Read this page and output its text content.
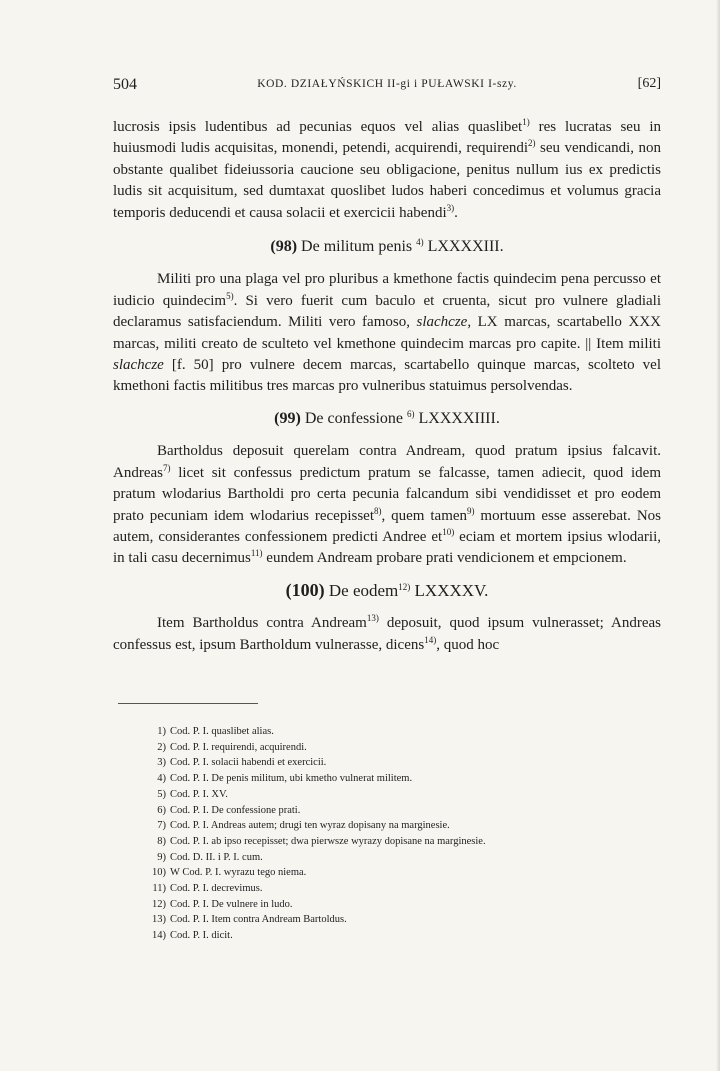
504	KOD. DZIAŁYŃSKICH II-gi i PUŁAWSKI I-szy.	[62]

lucrosis ipsis ludentibus ad pecunias equos vel alias quaslibet$^{1)}$ res lucratas seu in huiusmodi ludis acquisitas, monendi, petendi, acquirendi, requirendi$^{2)}$ seu vendicandi, non obstante qualibet fideiussoria caucione seu obligacione, penitus nullum ius ex predictis ludis sit acquisitum, sed dumtaxat quoslibet ludos haberi concedimus et volumus gracia temporis deducendi et causa solacii et exercicii habendi$^{3)}$.

(98) De militum penis $^{4)}$ LXXXXIII.

Militi pro una plaga vel pro pluribus a kmethone factis quindecim pena percusso et iudicio quindecim$^{5)}$. Si vero fuerit cum baculo et cruenta, sicut pro vulnere gladiali declaramus satisfaciendum. Militi vero famoso, slachcze, LX marcas, scartabello XXX marcas, militi creato de sculteto vel kmethone quindecim marcas pro capite. || Item militi slachcze [f. 50] pro vulnere decem marcas, scartabello quinque marcas, scolteto vel kmethoni factis militibus tres marcas pro vulneribus statuimus persolvendas.

(99) De confessione $^{6)}$ LXXXXIIII.

Bartholdus deposuit querelam contra Andream, quod pratum ipsius falcavit. Andreas$^{7)}$ licet sit confessus predictum pratum se falcasse, tamen adiecit, quod idem pratum wlodarius Bartholdi pro certa pecunia falcandum sibi vendidisset et pro eodem prato pecuniam idem wlodarius recepisset$^{8)}$, quem tamen$^{9)}$ mortuum esse asserebat. Nos autem, considerantes confessionem predicti Andree $et^{10)}$ eciam et mortem ipsius wlodarii, in tali casu decernimus$^{11)}$ eundem Andream probare prati vendicionem et empcionem.

(100) De eodem$^{12)}$ LXXXXV.

Item Bartholdus contra Andream$^{13)}$ deposuit, quod ipsum vulnerasset; Andreas confessus est, ipsum Bartholdum vulnerasse, dicens$^{14)}$, quod hoc

1) Cod. P. I. quaslibet alias.
2) Cod. P. I. requirendi, acquirendi.
3) Cod. P. I. solacii habendi et exercicii.
4) Cod. P. I. De penis militum, ubi kmetho vulnerat militem.
5) Cod. P. I. XV.
6) Cod. P. I. De confessione prati.
7) Cod. P. I. Andreas autem; drugi ten wyraz dopisany na marginesie.
8) Cod. P. I. ab ipso recepisset; dwa pierwsze wyrazy dopisane na marginesie.
9) Cod. D. II. i P. I. cum.
10) W Cod. P. I. wyrazu tego niema.
11) Cod. P. I. decrevimus.
12) Cod. P. I. De vulnere in ludo.
13) Cod. P. I. Item contra Andream Bartoldus.
14) Cod. P. I. dicit.
